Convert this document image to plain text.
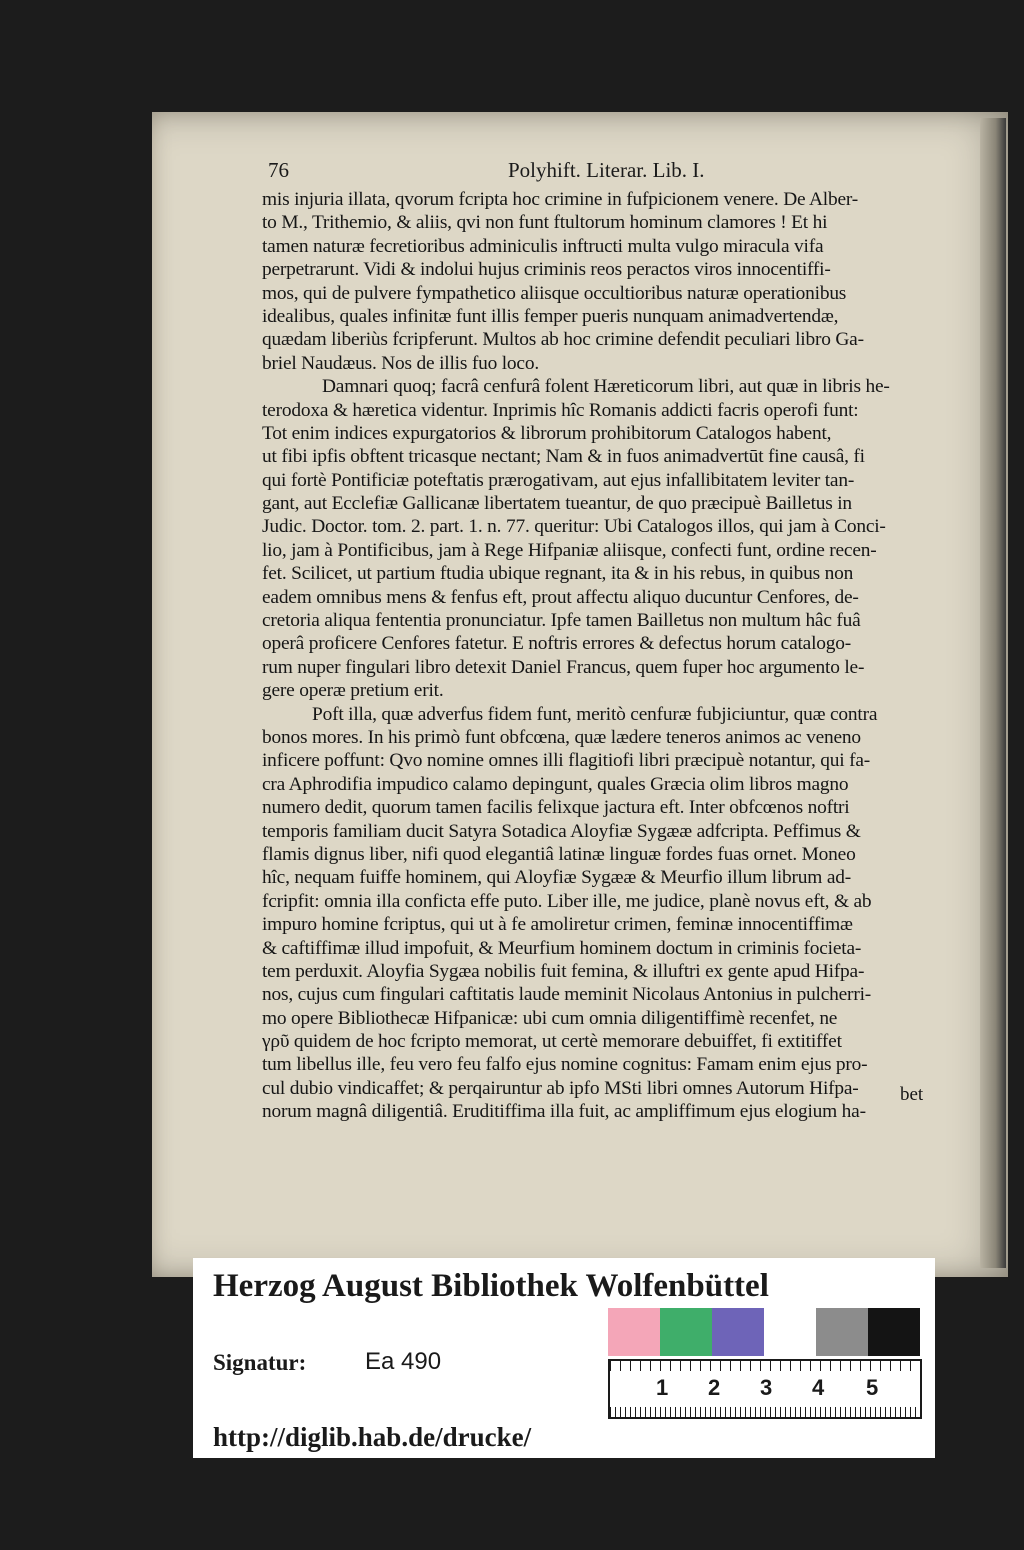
76	Polyhift. Literar. Lib. I.
mis injuria illata, qvorum fcripta hoc crimine in fufpicionem venere. De Alber-
to M., Trithemio, & aliis, qvi non funt ftultorum hominum clamores ! Et hi
tamen naturæ fecretioribus adminiculis inftructi multa vulgo miracula vifa
perpetrarunt. Vidi & indolui hujus criminis reos peractos viros innocentiffi-
mos, qui de pulvere fympathetico aliisque occultioribus naturæ operationibus
idealibus, quales infinitæ funt illis femper pueris nunquam animadvertendæ,
quædam liberiùs fcripferunt. Multos ab hoc crimine defendit peculiari libro Ga-
briel Naudæus. Nos de illis fuo loco.
Damnari quoq; facrâ cenfurâ folent Hæreticorum libri, aut quæ in libris he-
terodoxa & hæretica videntur. Inprimis hîc Romanis addicti facris operofi funt:
Tot enim indices expurgatorios & librorum prohibitorum Catalogos habent,
ut fibi ipfis obftent tricasque nectant; Nam & in fuos animadvertūt fine causâ, fi
qui fortè Pontificiæ poteftatis prærogativam, aut ejus infallibitatem leviter tan-
gant, aut Ecclefiæ Gallicanæ libertatem tueantur, de quo præcipuè Bailletus in
Judic. Doctor. tom. 2. part. 1. n. 77. queritur: Ubi Catalogos illos, qui jam à Conci-
lio, jam à Pontificibus, jam à Rege Hifpaniæ aliisque, confecti funt, ordine recen-
fet. Scilicet, ut partium ftudia ubique regnant, ita & in his rebus, in quibus non
eadem omnibus mens & fenfus eft, prout affectu aliquo ducuntur Cenfores, de-
cretoria aliqua fententia pronunciatur. Ipfe tamen Bailletus non multum hâc fuâ
operâ proficere Cenfores fatetur. E noftris errores & defectus horum catalogo-
rum nuper fingulari libro detexit Daniel Francus, quem fuper hoc argumento le-
gere operæ pretium erit.
Poft illa, quæ adverfus fidem funt, meritò cenfuræ fubjiciuntur, quæ contra
bonos mores. In his primò funt obfcœna, quæ lædere teneros animos ac veneno
inficere poffunt: Qvo nomine omnes illi flagitiofi libri præcipuè notantur, qui fa-
cra Aphrodifia impudico calamo depingunt, quales Græcia olim libros magno
numero dedit, quorum tamen facilis felixque jactura eft. Inter obfcœnos noftri
temporis familiam ducit Satyra Sotadica Aloyfiæ Sygææ adfcripta. Peffimus &
flamis dignus liber, nifi quod elegantiâ latinæ linguæ fordes fuas ornet. Moneo
hîc, nequam fuiffe hominem, qui Aloyfiæ Sygææ & Meurfio illum librum ad-
fcripfit: omnia illa conficta effe puto. Liber ille, me judice, planè novus eft, & ab
impuro homine fcriptus, qui ut à fe amoliretur crimen, feminæ innocentiffimæ
& caftiffimæ illud impofuit, & Meurfium hominem doctum in criminis focieta-
tem perduxit. Aloyfia Sygæa nobilis fuit femina, & illuftri ex gente apud Hifpa-
nos, cujus cum fingulari caftitatis laude meminit Nicolaus Antonius in pulcherri-
mo opere Bibliothecæ Hifpanicæ: ubi cum omnia diligentiffimè recenfet, ne
γρῦ quidem de hoc fcripto memorat, ut certè memorare debuiffet, fi extitiffet
tum libellus ille, feu vero feu falfo ejus nomine cognitus: Famam enim ejus pro-
cul dubio vindicaffet; & perqairuntur ab ipfo MSti libri omnes Autorum Hifpa-
norum magnâ diligentiâ. Eruditiffima illa fuit, ac ampliffimum ejus elogium ha-
bet
Herzog August Bibliothek Wolfenbüttel
1 2 3 4 5
Signatur: Ea 490
http://diglib.hab.de/drucke/
